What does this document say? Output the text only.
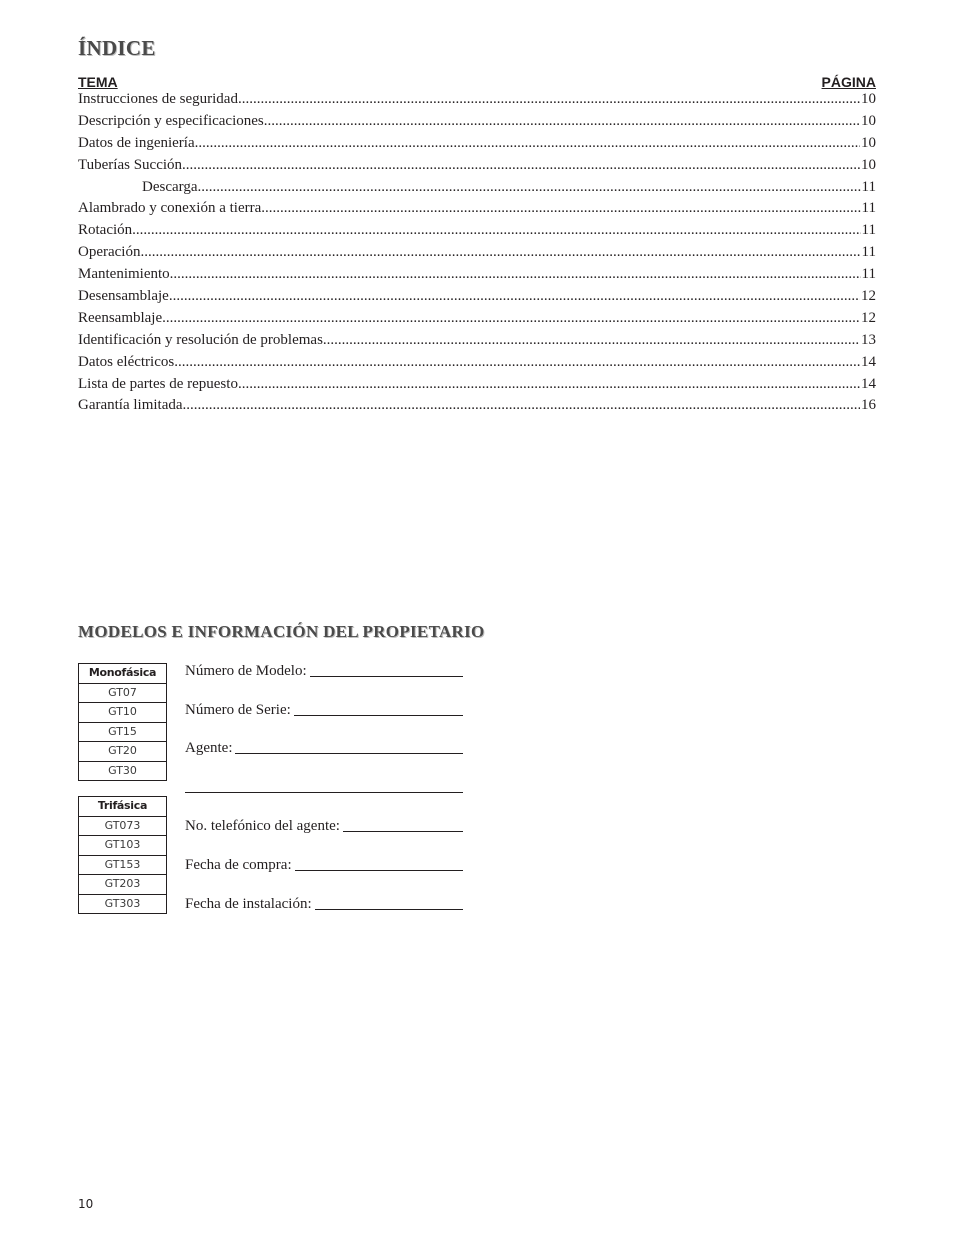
ÍNDICE
TEMA	PÁGINA
Instrucciones de seguridad .....	10
Descripción y especificaciones .....	10
Datos de ingeniería .....	10
Tuberías Succión .....	10
Descarga .....	11
Alambrado y conexión a tierra .....	11
Rotación .....	11
Operación .....	11
Mantenimiento .....	11
Desensamblaje .....	12
Reensamblaje .....	12
Identificación y resolución de problemas .....	13
Datos eléctricos .....	14
Lista de partes de repuesto .....	14
Garantía limitada .....	16
MODELOS E INFORMACIÓN DEL PROPIETARIO
Monofásica
GT07
GT10
GT15
GT20
GT30
Trifásica
GT073
GT103
GT153
GT203
GT303
Número de Modelo:
Número de Serie:
Agente:
No. telefónico del agente:
Fecha de compra:
Fecha de instalación:
10
